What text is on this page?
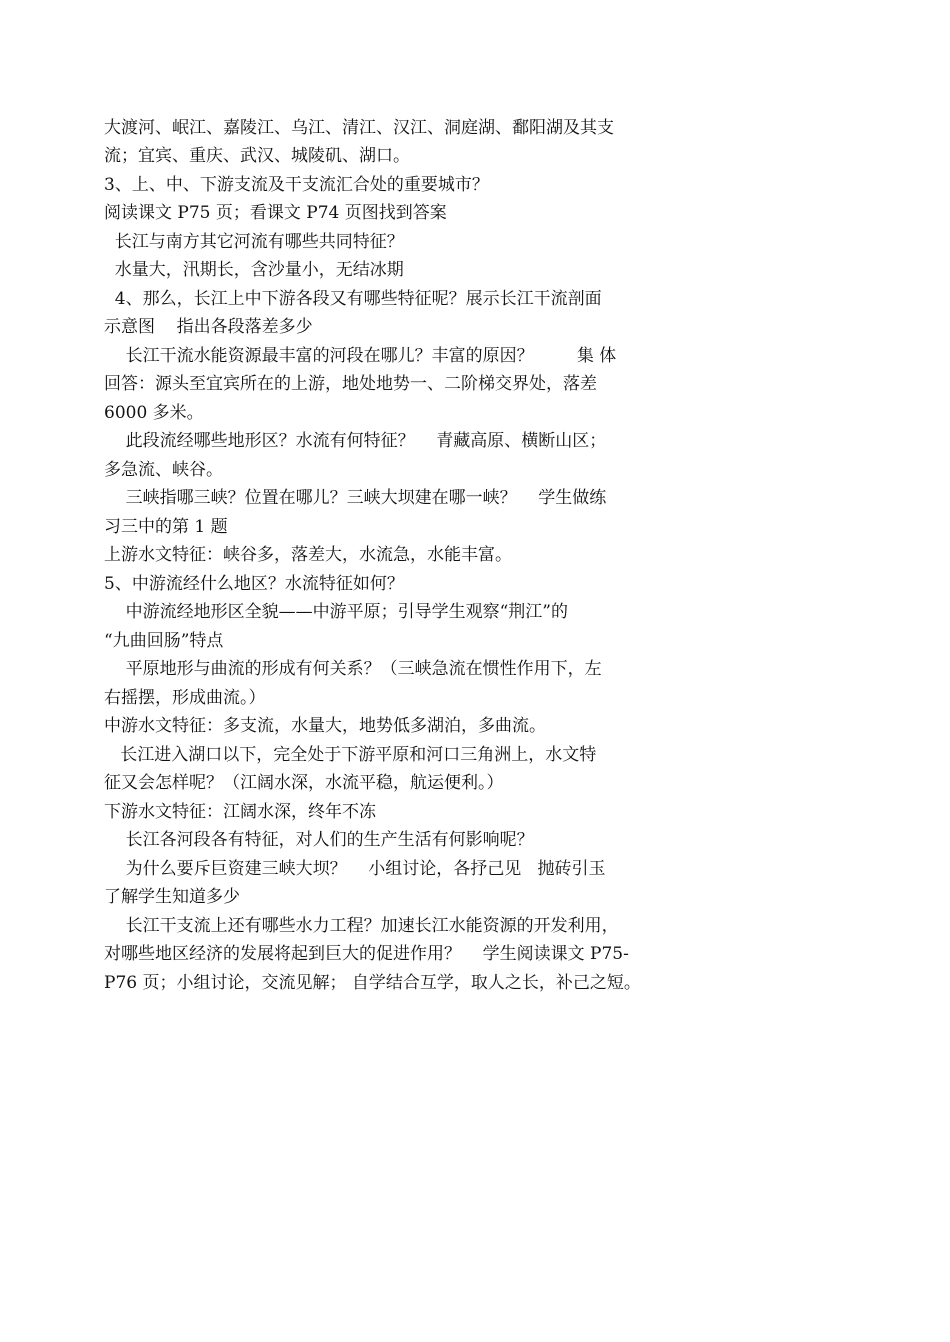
大渡河、岷江、嘉陵江、乌江、清江、汉江、洞庭湖、鄱阳湖及其支
流；宜宾、重庆、武汉、城陵矶、湖口。
3、上、中、下游支流及干支流汇合处的重要城市？
阅读课文 P75 页；看课文 P74 页图找到答案
长江与南方其它河流有哪些共同特征？
水量大，汛期长，含沙量小，无结冰期
4、那么，长江上中下游各段又有哪些特征呢？展示长江干流剖面
示意图    指出各段落差多少
长江干流水能资源最丰富的河段在哪儿？丰富的原因？        集 体
回答：源头至宜宾所在的上游，地处地势一、二阶梯交界处，落差
6000 多米。
此段流经哪些地形区？水流有何特征？    青藏高原、横断山区；
多急流、峡谷。
三峡指哪三峡？位置在哪儿？三峡大坝建在哪一峡？    学生做练
习三中的第 1 题
上游水文特征：峡谷多，落差大，水流急，水能丰富。
5、中游流经什么地区？水流特征如何？
中游流经地形区全貌——中游平原；引导学生观察“荆江”的
“九曲回肠”特点
平原地形与曲流的形成有何关系？（三峡急流在惯性作用下，左
右摇摆，形成曲流。）
中游水文特征：多支流，水量大，地势低多湖泊，多曲流。
长江进入湖口以下，完全处于下游平原和河口三角洲上，水文特
征又会怎样呢？（江阔水深，水流平稳，航运便利。）
下游水文特征：江阔水深，终年不冻
长江各河段各有特征，对人们的生产生活有何影响呢？
为什么要斥巨资建三峡大坝？    小组讨论，各抒己见   抛砖引玉
了解学生知道多少
长江干支流上还有哪些水力工程？加速长江水能资源的开发利用，
对哪些地区经济的发展将起到巨大的促进作用？    学生阅读课文 P75-
P76 页；小组讨论，交流见解； 自学结合互学，取人之长，补己之短。
